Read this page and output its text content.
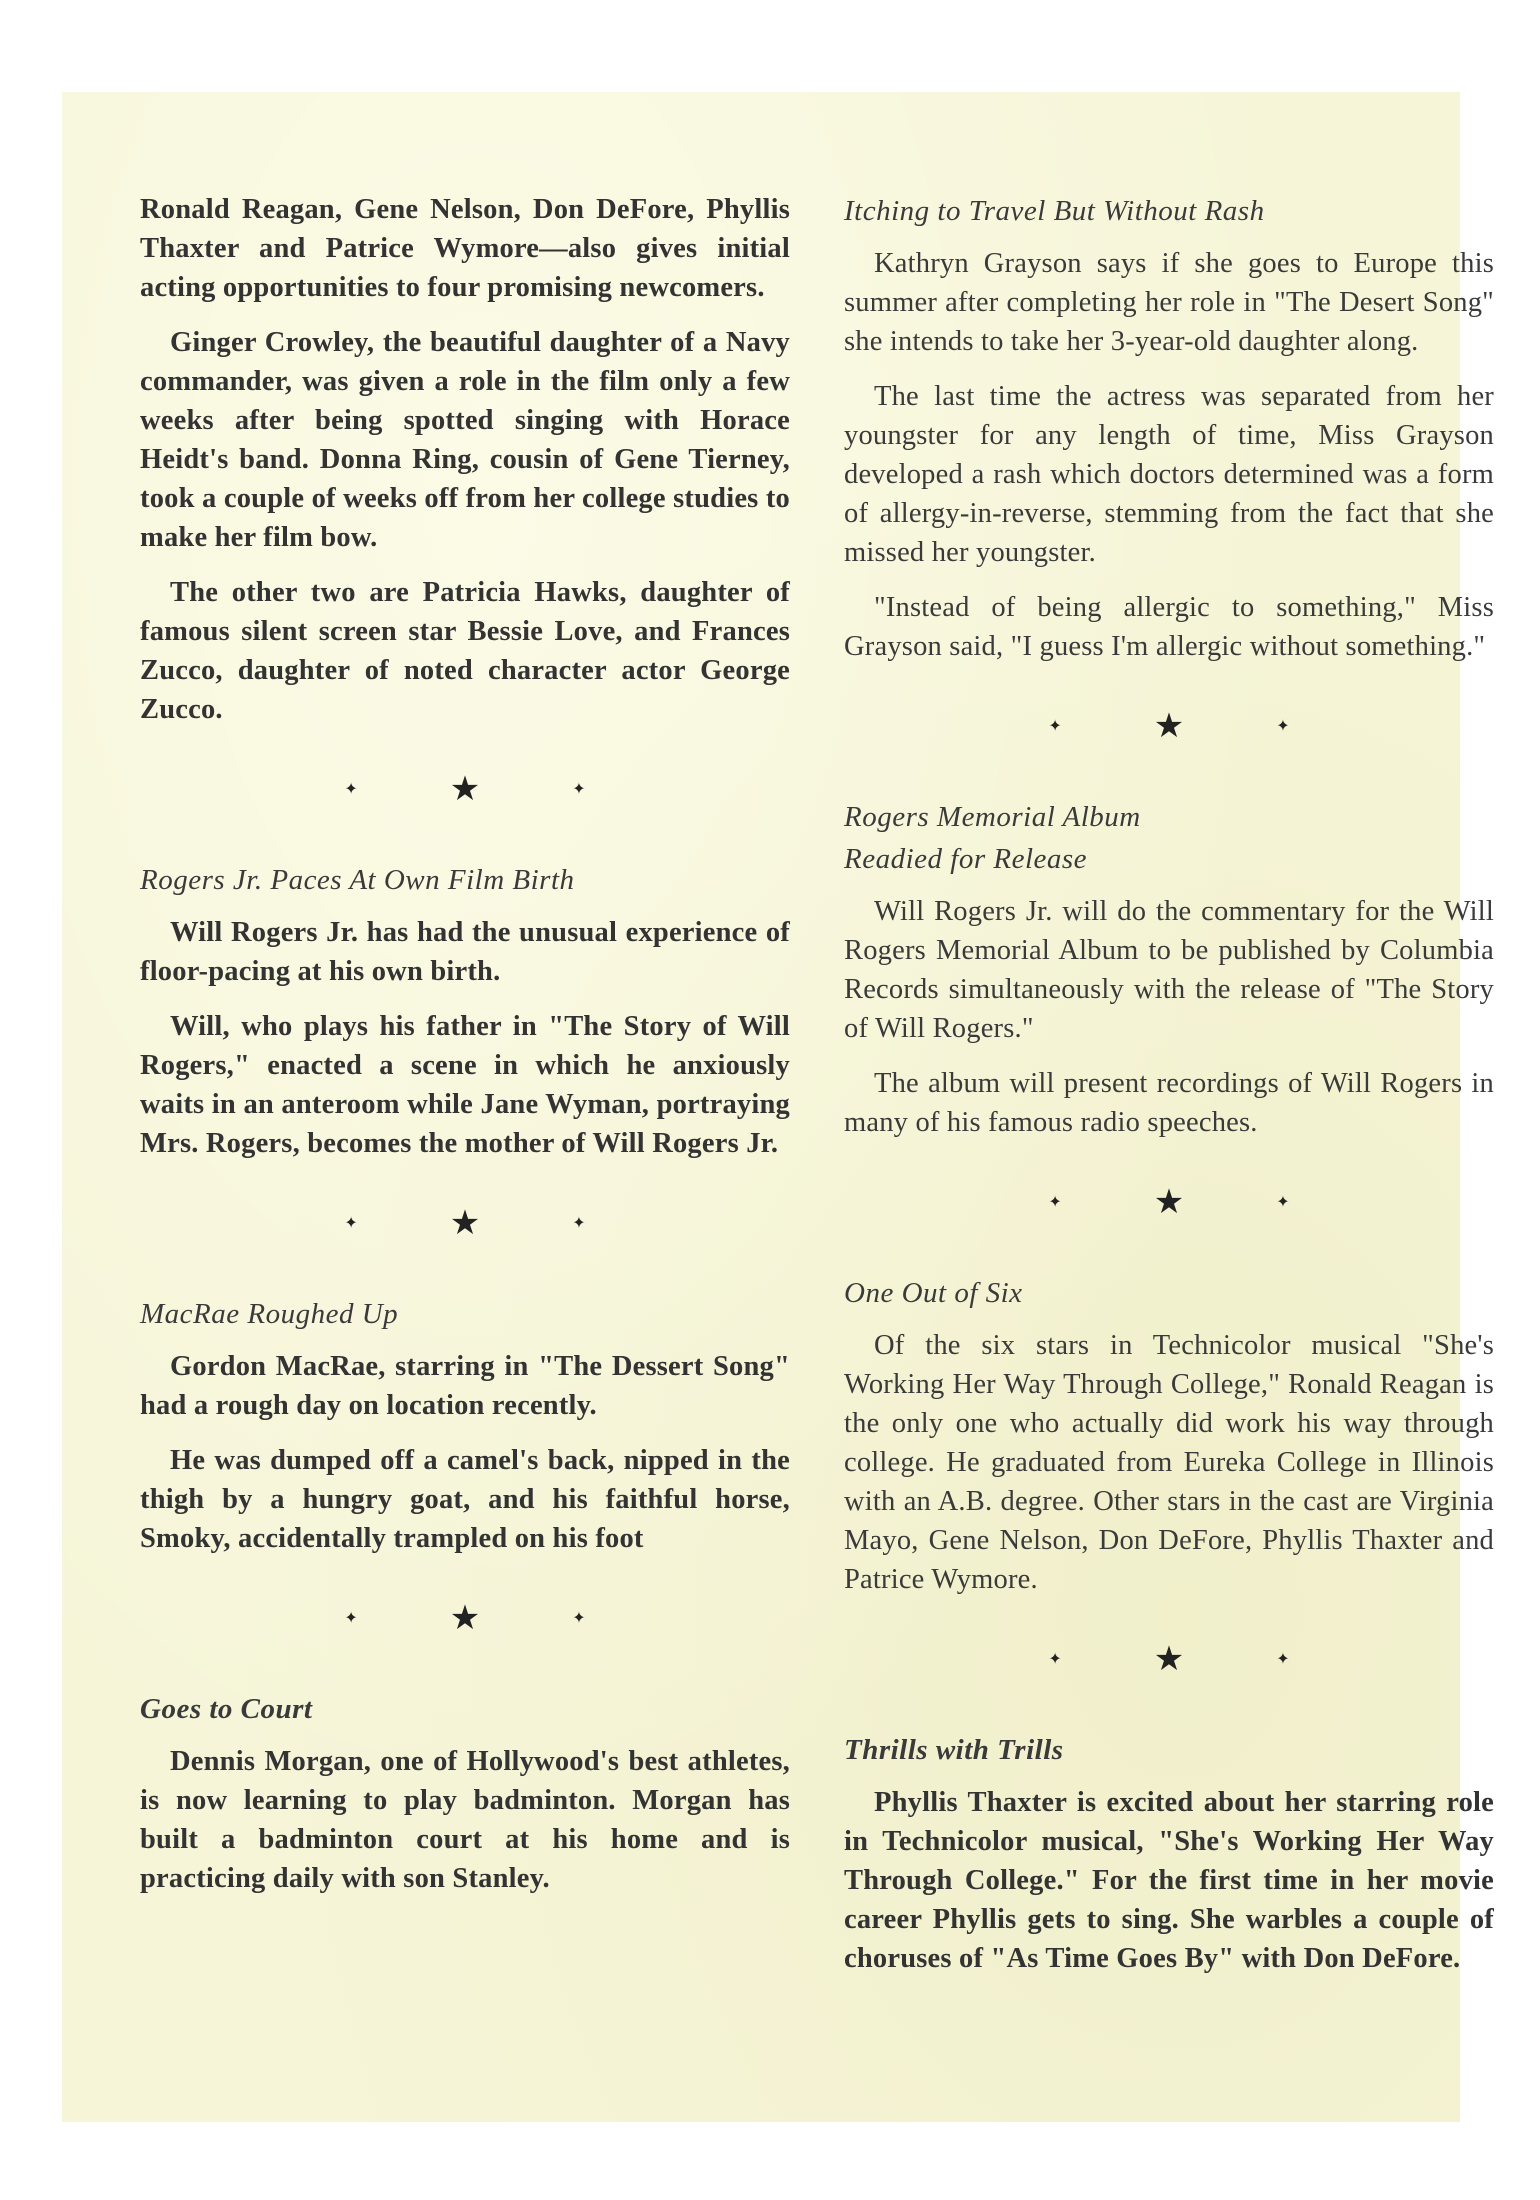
Ronald Reagan, Gene Nelson, Don DeFore, Phyllis Thaxter and Patrice Wymore—also gives initial acting opportunities to four promising newcomers.

Ginger Crowley, the beautiful daughter of a Navy commander, was given a role in the film only a few weeks after being spotted singing with Horace Heidt's band. Donna Ring, cousin of Gene Tierney, took a couple of weeks off from her college studies to make her film bow.

The other two are Patricia Hawks, daughter of famous silent screen star Bessie Love, and Frances Zucco, daughter of noted character actor George Zucco.

✦	★	✦
Rogers Jr. Paces At Own Film Birth

Will Rogers Jr. has had the unusual experience of floor-pacing at his own birth.

Will, who plays his father in "The Story of Will Rogers," enacted a scene in which he anxiously waits in an anteroom while Jane Wyman, portraying Mrs. Rogers, becomes the mother of Will Rogers Jr.

✦	★	✦
MacRae Roughed Up

Gordon MacRae, starring in "The Dessert Song" had a rough day on location recently.

He was dumped off a camel's back, nipped in the thigh by a hungry goat, and his faithful horse, Smoky, accidentally trampled on his foot

✦	★	✦
Goes to Court

Dennis Morgan, one of Hollywood's best athletes, is now learning to play badminton. Morgan has built a badminton court at his home and is practicing daily with son Stanley.

Itching to Travel But Without Rash

Kathryn Grayson says if she goes to Europe this summer after completing her role in "The Desert Song" she intends to take her 3-year-old daughter along.

The last time the actress was separated from her youngster for any length of time, Miss Grayson developed a rash which doctors determined was a form of allergy-in-reverse, stemming from the fact that she missed her youngster.

"Instead of being allergic to something," Miss Grayson said, "I guess I'm allergic without something."

✦	★	✦
Rogers Memorial Album
Readied for Release

Will Rogers Jr. will do the commentary for the Will Rogers Memorial Album to be published by Columbia Records simultaneously with the release of "The Story of Will Rogers."

The album will present recordings of Will Rogers in many of his famous radio speeches.

✦	★	✦
One Out of Six

Of the six stars in Technicolor musical "She's Working Her Way Through College," Ronald Reagan is the only one who actually did work his way through college. He graduated from Eureka College in Illinois with an A.B. degree. Other stars in the cast are Virginia Mayo, Gene Nelson, Don DeFore, Phyllis Thaxter and Patrice Wymore.

✦	★	✦
Thrills with Trills

Phyllis Thaxter is excited about her starring role in Technicolor musical, "She's Working Her Way Through College." For the first time in her movie career Phyllis gets to sing. She warbles a couple of choruses of "As Time Goes By" with Don DeFore.
